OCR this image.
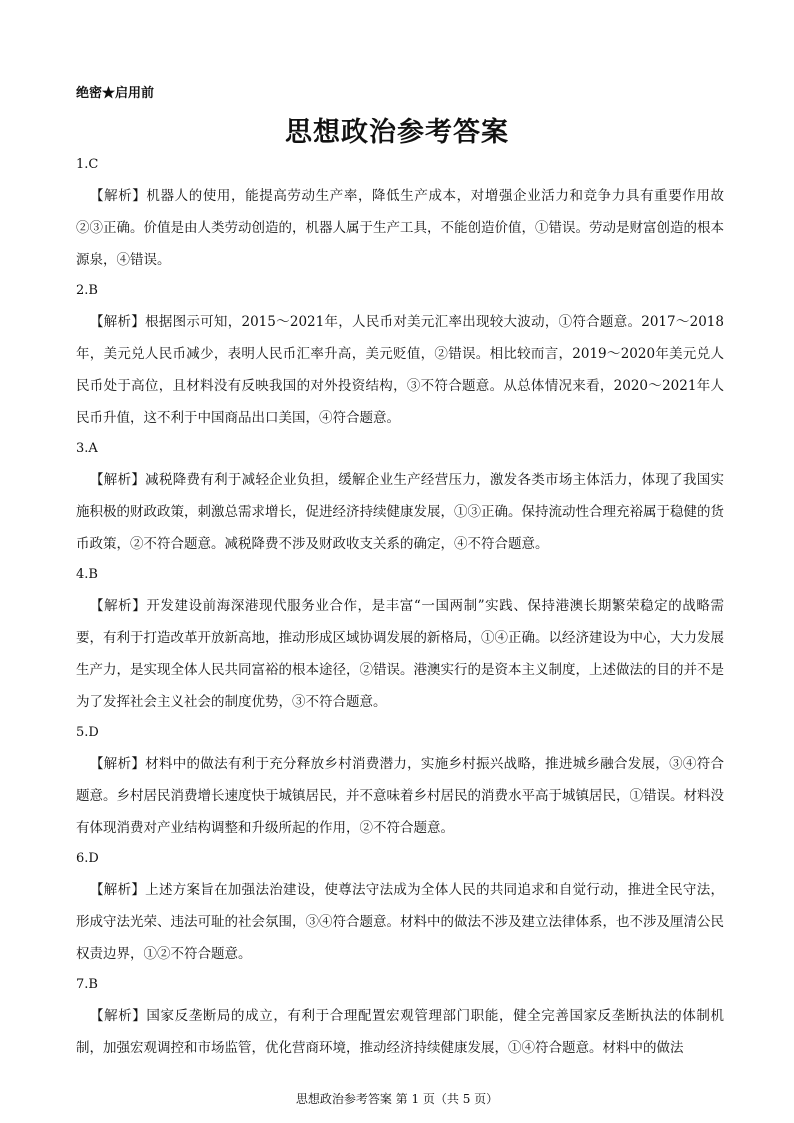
绝密★启用前
思想政治参考答案
1.C
【解析】机器人的使用，能提高劳动生产率，降低生产成本，对增强企业活力和竞争力具有重要作用故②③正确。价值是由人类劳动创造的，机器人属于生产工具，不能创造价值，①错误。劳动是财富创造的根本源泉，④错误。
2.B
【解析】根据图示可知，2015～2021年，人民币对美元汇率出现较大波动，①符合题意。2017～2018年，美元兑人民币减少，表明人民币汇率升高，美元贬值，②错误。相比较而言，2019～2020年美元兑人民币处于高位，且材料没有反映我国的对外投资结构，③不符合题意。从总体情况来看，2020～2021年人民币升值，这不利于中国商品出口美国，④符合题意。
3.A
【解析】减税降费有利于减轻企业负担，缓解企业生产经营压力，激发各类市场主体活力，体现了我国实施积极的财政政策，刺激总需求增长，促进经济持续健康发展，①③正确。保持流动性合理充裕属于稳健的货币政策，②不符合题意。减税降费不涉及财政收支关系的确定，④不符合题意。
4.B
【解析】开发建设前海深港现代服务业合作，是丰富“一国两制”实践、保持港澳长期繁荣稳定的战略需要，有利于打造改革开放新高地，推动形成区域协调发展的新格局，①④正确。以经济建设为中心，大力发展生产力，是实现全体人民共同富裕的根本途径，②错误。港澳实行的是资本主义制度，上述做法的目的并不是为了发挥社会主义社会的制度优势，③不符合题意。
5.D
【解析】材料中的做法有利于充分释放乡村消费潜力，实施乡村振兴战略，推进城乡融合发展，③④符合题意。乡村居民消费增长速度快于城镇居民，并不意味着乡村居民的消费水平高于城镇居民，①错误。材料没有体现消费对产业结构调整和升级所起的作用，②不符合题意。
6.D
【解析】上述方案旨在加强法治建设，使尊法守法成为全体人民的共同追求和自觉行动，推进全民守法，形成守法光荣、违法可耻的社会氛围，③④符合题意。材料中的做法不涉及建立法律体系，也不涉及厘清公民权责边界，①②不符合题意。
7.B
【解析】国家反垄断局的成立，有利于合理配置宏观管理部门职能，健全完善国家反垄断执法的体制机制，加强宏观调控和市场监管，优化营商环境，推动经济持续健康发展，①④符合题意。材料中的做法
思想政治参考答案 第 1 页（共 5 页）
